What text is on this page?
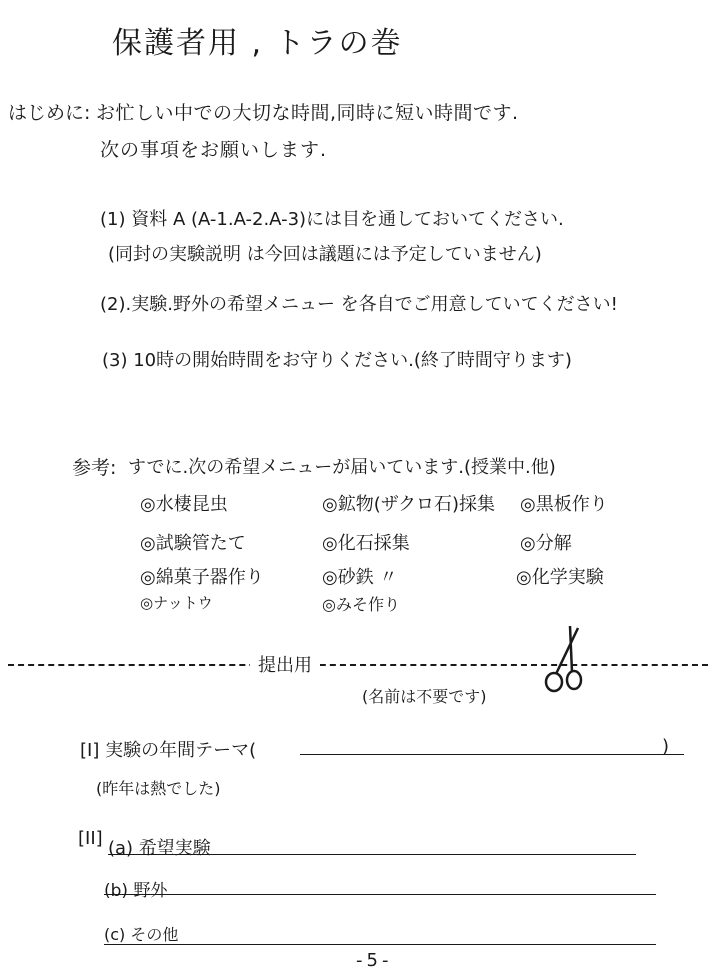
保護者用 , トラの巻
はじめに: お忙しい中での大切な時間,同時に短い時間です.
次の事項をお願いします.
(1) 資料 A (A-1.A-2.A-3)には目を通しておいてください.
(同封の実験説明 は今回は議題には予定していません)
(2).実験.野外の希望メニュー を各自でご用意していてください!
(3) 10時の開始時間をお守りください.(終了時間守ります)
参考: すでに.次の希望メニューが届いています.(授業中.他)
◎水棲昆虫	◎鉱物(ザクロ石)採集 ◎黒板作り
◎試験管たて	◎化石採集	◎分解
◎綿菓子器作り	◎砂鉄 〃	◎化学実験
◎ナットウ	◎みそ作り
提出用
(名前は不要です)
[I] 実験の年間テーマ(	)
(昨年は熱でした)
[II] (a) 希望実験
(b) 野外
(c) その他
-5-
